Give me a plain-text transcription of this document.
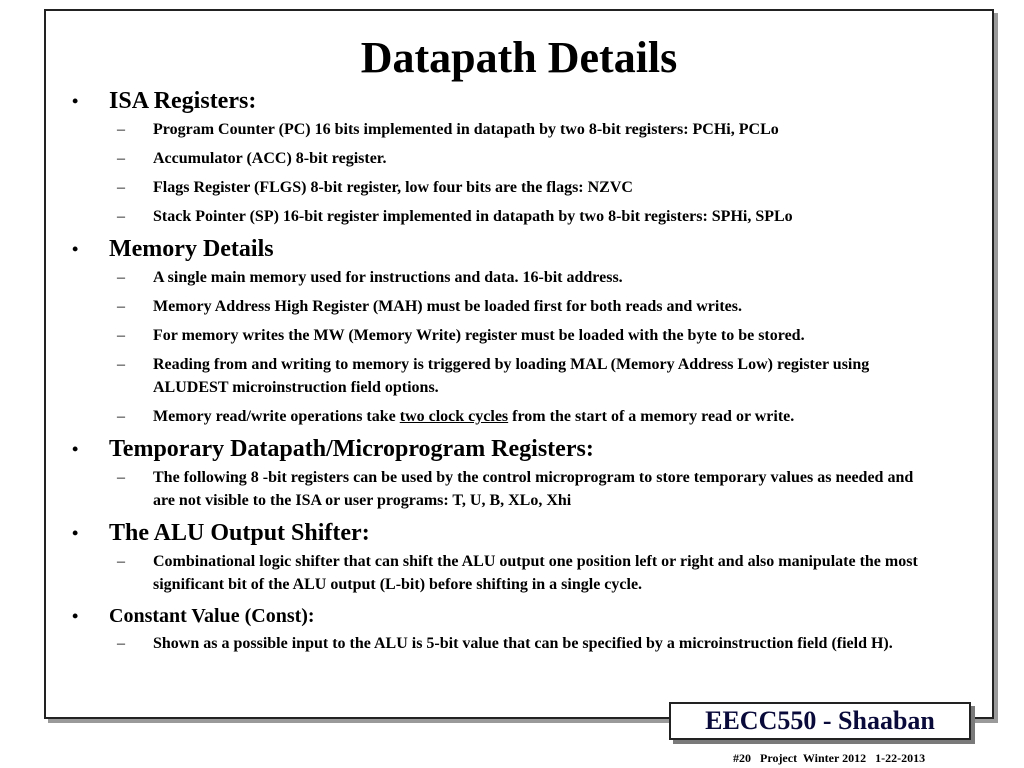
Datapath Details
• ISA Registers:
– Program Counter (PC) 16 bits implemented in datapath by two 8-bit registers: PCHi, PCLo
– Accumulator (ACC) 8-bit register.
– Flags Register (FLGS) 8-bit register, low four bits are the flags: NZVC
– Stack Pointer (SP) 16-bit register implemented in datapath by two 8-bit registers: SPHi, SPLo
• Memory Details
– A single main memory used for instructions and data. 16-bit address.
– Memory Address High Register (MAH) must be loaded first for both reads and writes.
– For memory writes the MW (Memory Write) register must be loaded with the byte to be stored.
– Reading from and writing to memory is triggered by loading MAL (Memory Address Low) register using ALUDEST microinstruction field options.
– Memory read/write operations take two clock cycles from the start of a memory read or write.
• Temporary Datapath/Microprogram Registers:
– The following 8 -bit registers can be used by the control microprogram to store temporary values as needed and are not visible to the ISA or user programs: T, U, B, XLo, Xhi
• The ALU Output Shifter:
– Combinational logic shifter that can shift the ALU output one position left or right and also manipulate the most significant bit of the ALU output (L-bit) before shifting in a single cycle.
• Constant Value (Const):
– Shown as a possible input to the ALU is 5-bit value that can be specified by a microinstruction field (field H).
EECC550 - Shaaban
#20   Project  Winter 2012   1-22-2013
